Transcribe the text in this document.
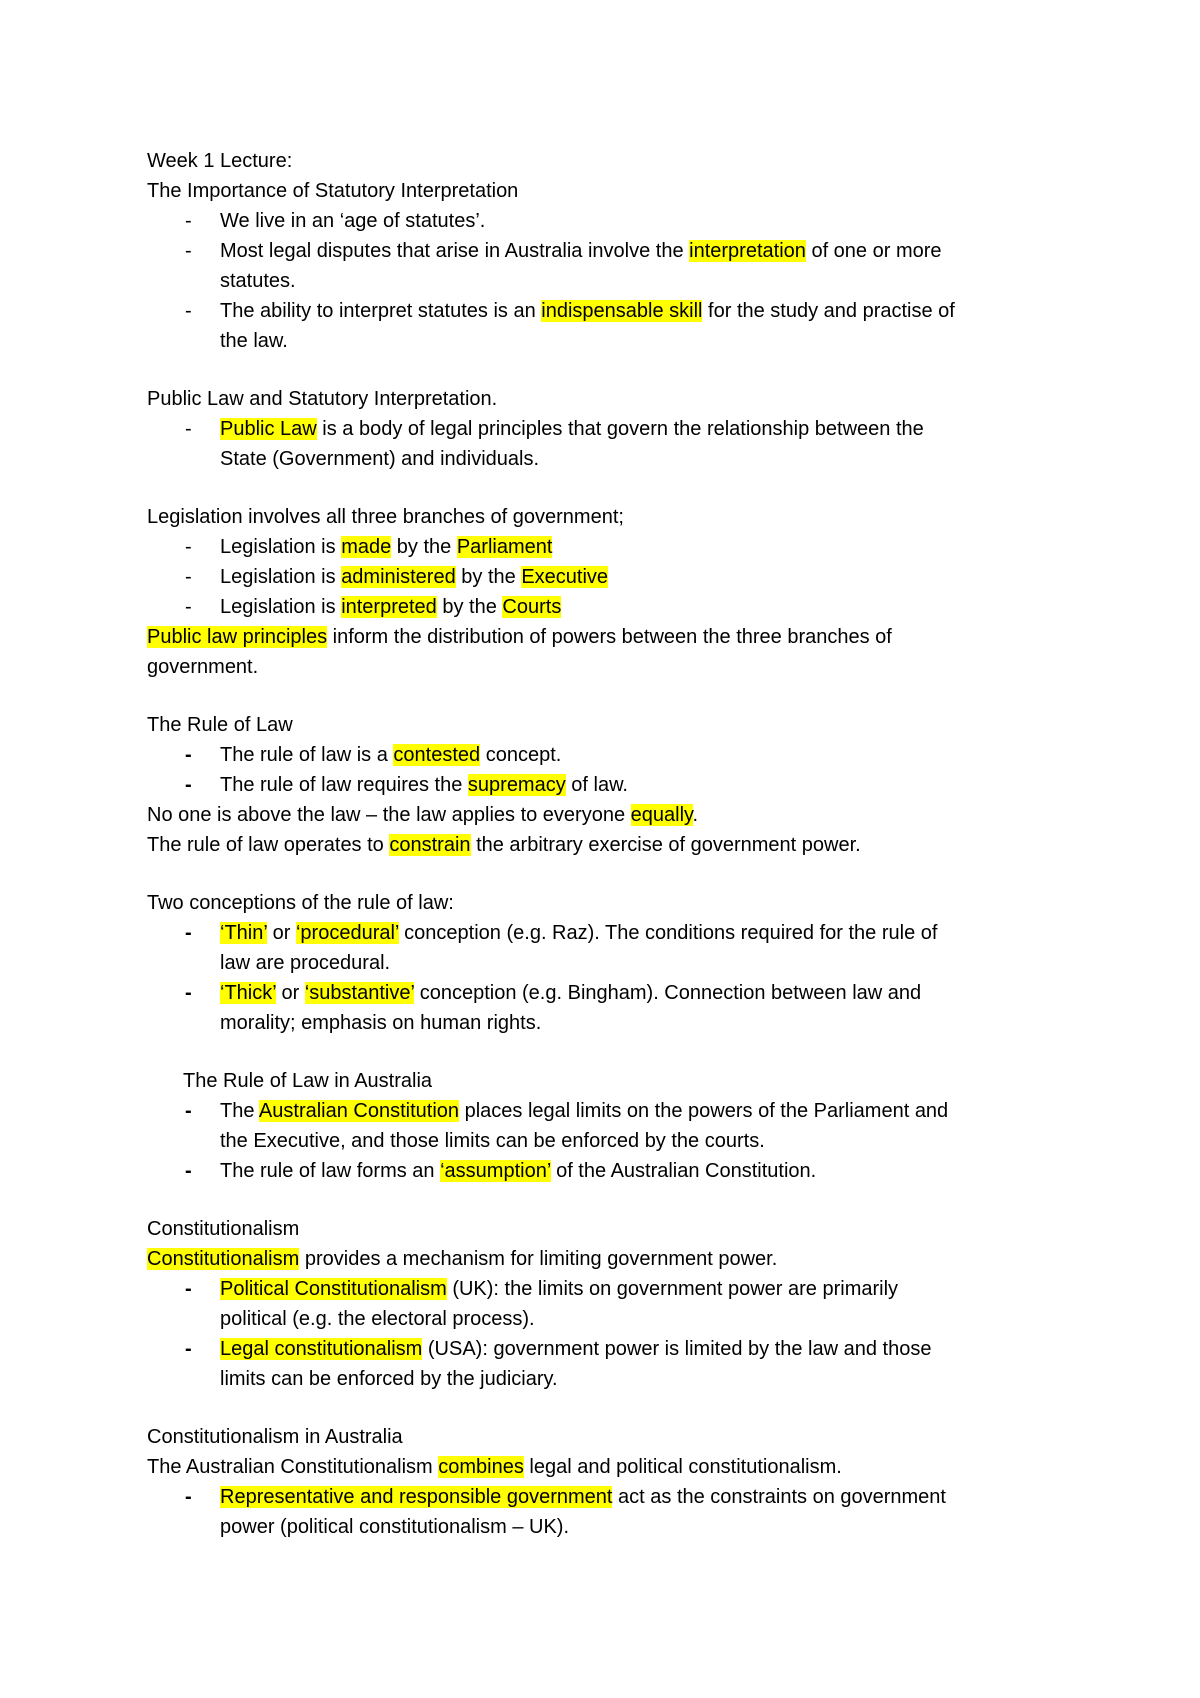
Week 1 Lecture:
The Importance of Statutory Interpretation
- We live in an ‘age of statutes’.
- Most legal disputes that arise in Australia involve the interpretation of one or more
statutes.
- The ability to interpret statutes is an indispensable skill for the study and practise of
the law.
Public Law and Statutory Interpretation.
- Public Law is a body of legal principles that govern the relationship between the
State (Government) and individuals.
Legislation involves all three branches of government;
- Legislation is made by the Parliament
- Legislation is administered by the Executive
- Legislation is interpreted by the Courts
Public law principles inform the distribution of powers between the three branches of
government.
The Rule of Law
- The rule of law is a contested concept.
- The rule of law requires the supremacy of law.
No one is above the law – the law applies to everyone equally.
The rule of law operates to constrain the arbitrary exercise of government power.
Two conceptions of the rule of law:
- ‘Thin’ or ‘procedural’ conception (e.g. Raz). The conditions required for the rule of
law are procedural.
- ‘Thick’ or ‘substantive’ conception (e.g. Bingham). Connection between law and
morality; emphasis on human rights.
The Rule of Law in Australia
- The Australian Constitution places legal limits on the powers of the Parliament and
the Executive, and those limits can be enforced by the courts.
- The rule of law forms an ‘assumption’ of the Australian Constitution.
Constitutionalism
Constitutionalism provides a mechanism for limiting government power.
- Political Constitutionalism (UK): the limits on government power are primarily
political (e.g. the electoral process).
- Legal constitutionalism (USA): government power is limited by the law and those
limits can be enforced by the judiciary.
Constitutionalism in Australia
The Australian Constitutionalism combines legal and political constitutionalism.
- Representative and responsible government act as the constraints on government
power (political constitutionalism – UK).
